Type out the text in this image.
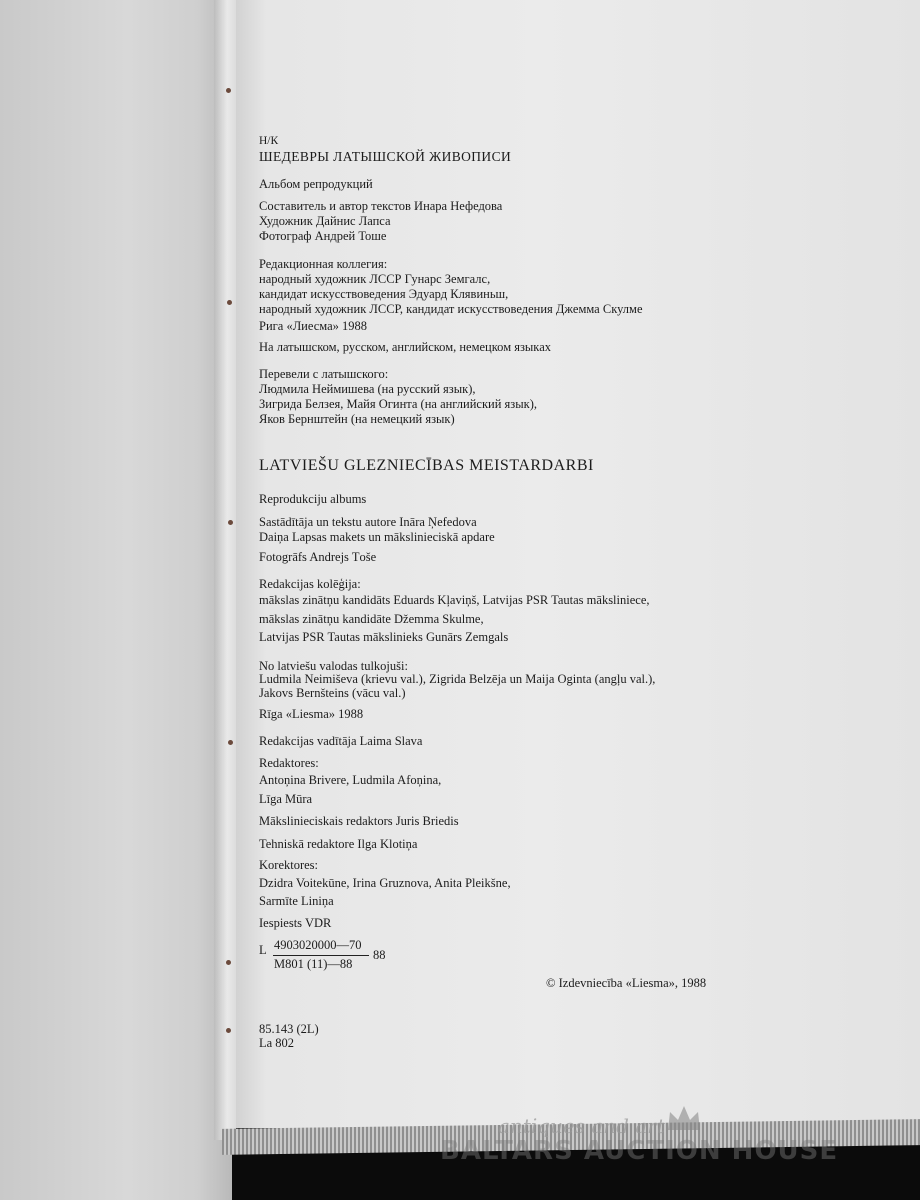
Н/К
ШЕДЕВРЫ ЛАТЫШСКОЙ ЖИВОПИСИ
Альбом репродукций
Составитель и автор текстов Инара Нефедова
Художник Дайнис Лапса
Фотограф Андрей Тоше
Редакционная коллегия:
народный художник ЛССР Гунарс Земгалс,
кандидат искусствоведения Эдуард Клявиньш,
народный художник ЛССР, кандидат искусствоведения Джемма Скулме
Рига «Лиесма» 1988
На латышском, русском, английском, немецком языках
Перевели с латышского:
Людмила Неймишева (на русский язык),
Зигрида Белзея, Майя Огинта (на английский язык),
Яков Бернштейн (на немецкий язык)
LATVIEŠU GLEZNIECĪBAS MEISTARDARBI
Reprodukciju albums
Sastādītāja un tekstu autore Ināra Ņefedova
Daiņa Lapsas makets un mākslinieciskā apdare
Fotogrāfs Andrejs Tоše
Redakcijas kolēģija:
mākslas zinātņu kandidāts Eduards Kļaviņš, Latvijas PSR Tautas māksliniece,
mākslas zinātņu kandidāte Džemma Skulme,
Latvijas PSR Tautas mākslinieks Gunārs Zemgals
No latviešu valodas tulkojuši:
Ludmila Neimiševa (krievu val.), Zigrida Belzēja un Maija Oginta (angļu val.),
Jakovs Bernšteins (vācu val.)
Rīga «Liesma» 1988
Redakcijas vadītāja Laima Slava
Redaktores:
Antoņina Brivere, Ludmila Afoņina,
Līga Mūra
Mākslinieciskais redaktors Juris Briedis
Tehniskā redaktore Ilga Klotiņa
Korektores:
Dzidra Voitekūne, Irina Gruznova, Anita Pleikšne,
Sarmīte Liniņa
Iespiests VDR
L 4903020000—70
M801 (11)—88
88
© Izdevniecība «Liesma», 1988
85.143 (2L)
La 802
antiques and art
BALTARS AUCTION HOUSE
